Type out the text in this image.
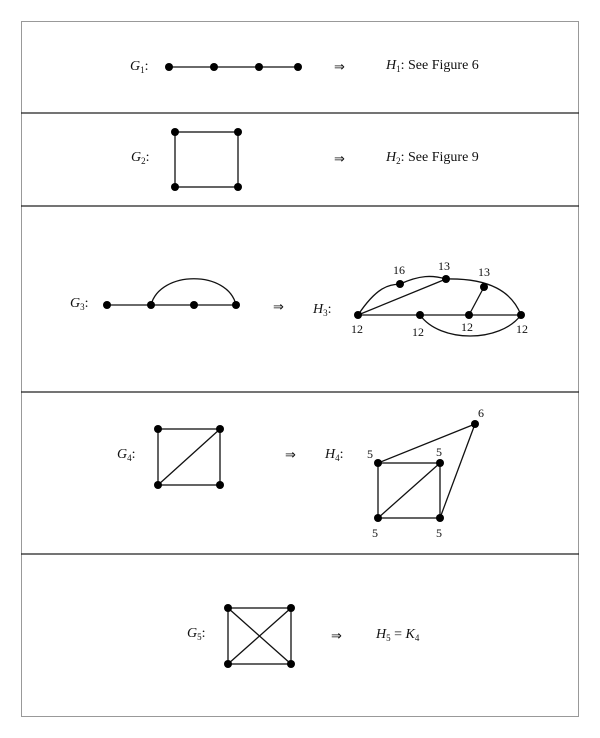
$G_1$:	⇒	$H_1$: See Figure 6
$G_2$:	⇒	$H_2$: See Figure 9
$G_3$:	⇒ $H_3$:
16	13 13
12	12	12	12
$G_4$:	⇒ $H_4$:
6
5	5
5	5
$G_5$:	⇒ $H_5 = K_4$
